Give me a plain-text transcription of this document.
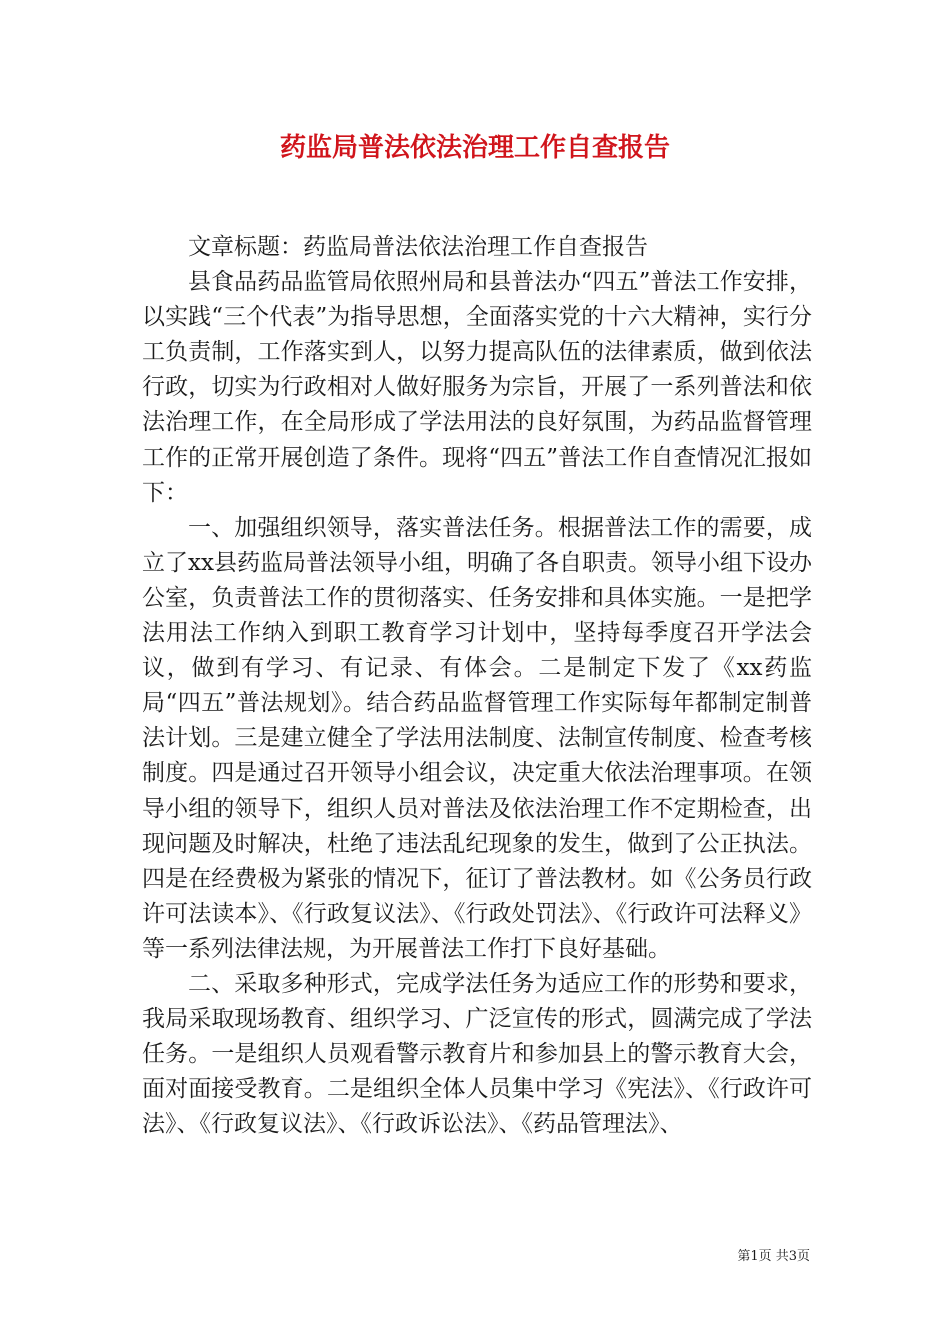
药监局普法依法治理工作自查报告

文章标题：药监局普法依法治理工作自查报告

县食品药品监管局依照州局和县普法办“四五”普法工作安排，以实践“三个代表”为指导思想，全面落实党的十六大精神，实行分工负责制，工作落实到人，以努力提高队伍的法律素质，做到依法行政，切实为行政相对人做好服务为宗旨，开展了一系列普法和依法治理工作，在全局形成了学法用法的良好氛围，为药品监督管理工作的正常开展创造了条件。现将“四五”普法工作自查情况汇报如下：

一、加强组织领导，落实普法任务。根据普法工作的需要，成立了xx县药监局普法领导小组，明确了各自职责。领导小组下设办公室，负责普法工作的贯彻落实、任务安排和具体实施。一是把学法用法工作纳入到职工教育学习计划中，坚持每季度召开学法会议，做到有学习、有记录、有体会。二是制定下发了《xx药监局“四五”普法规划》。结合药品监督管理工作实际每年都制定制普法计划。三是建立健全了学法用法制度、法制宣传制度、检查考核制度。四是通过召开领导小组会议，决定重大依法治理事项。在领导小组的领导下，组织人员对普法及依法治理工作不定期检查，出现问题及时解决，杜绝了违法乱纪现象的发生，做到了公正执法。四是在经费极为紧张的情况下，征订了普法教材。如《公务员行政许可法读本》、《行政复议法》、《行政处罚法》、《行政许可法释义》等一系列法律法规，为开展普法工作打下良好基础。

二、采取多种形式，完成学法任务为适应工作的形势和要求，我局采取现场教育、组织学习、广泛宣传的形式，圆满完成了学法任务。一是组织人员观看警示教育片和参加县上的警示教育大会，面对面接受教育。二是组织全体人员集中学习《宪法》、《行政许可法》、《行政复议法》、《行政诉讼法》、《药品管理法》、

第1页 共3页
